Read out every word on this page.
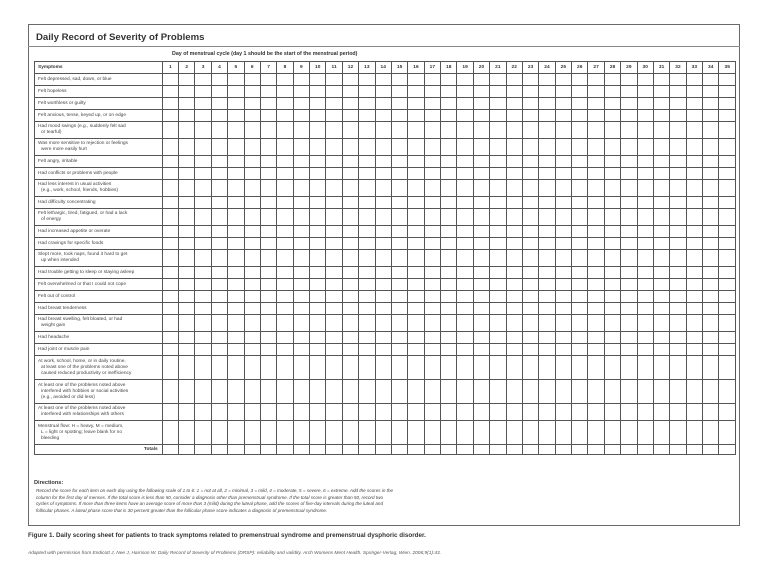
Daily Record of Severity of Problems
Day of menstrual cycle (day 1 should be the start of the menstrual period)
Symptoms	1	2	3	4	5	6	7	8	9	10	11	12	13	14	15	16	17	18	19	20	21	22	23	24	25	26	27	28	29	30	31	32	33	34	35

Felt depressed, sad, down, or blue																																			

Felt hopeless																																			

Felt worthless or guilty																																			

Felt anxious, tense, keyed up, or on edge																																			

Had mood swings (e.g., suddenly felt sad
or tearful)																																			

Was more sensitive to rejection or feelings
were more easily hurt																																			

Felt angry, irritable																																			

Had conflicts or problems with people																																			

Had less interest in usual activities
(e.g., work, school, friends, hobbies)																																			

Had difficulty concentrating																																			

Felt lethargic, tired, fatigued, or had a lack
of energy																																			

Had increased appetite or overate																																			

Had cravings for specific foods																																			

Slept more, took naps, found it hard to get
up when intended																																			

Had trouble getting to sleep or staying asleep																																			

Felt overwhelmed or that I could not cope																																			

Felt out of control																																			

Had breast tenderness																																			

Had breast swelling, felt bloated, or had
weight gain																																			

Had headache																																			

Had joint or muscle pain																																			

At work, school, home, or in daily routine,
at least one of the problems noted above
caused reduced productivity or inefficiency																																			

At least one of the problems noted above
interfered with hobbies or social activities
(e.g., avoided or did less)																																			

At least one of the problems noted above
interfered with relationships with others																																			

Menstrual flow: H = heavy, M = medium,
L = light or spotting; leave blank for no
bleeding																																			

Totals																																			
Directions:

Record the score for each item on each day using the following scale of 1 to 6: 1 = not at all, 2 = minimal, 3 = mild, 4 = moderate, 5 = severe, 6 = extreme. Add the scores in the column for the first day of menses. If the total score is less than 50, consider a diagnosis other than premenstrual syndrome. If the total score is greater than 50, record two cycles of symptoms. If more than three items have an average score of more than 3 (mild) during the luteal phase, add the scores of five-day intervals during the luteal and follicular phases. A luteal phase score that is 30 percent greater than the follicular phase score indicates a diagnosis of premenstrual syndrome.

Figure 1. Daily scoring sheet for patients to track symptoms related to premenstrual syndrome and premenstrual dysphoric disorder.

Adapted with permission from Endicott J, Nee J, Harrison W. Daily Record of Severity of Problems (DRSP): reliability and validity. Arch Womens Ment Health. Springer-Verlag, Wien. 2006;9(1):43.
